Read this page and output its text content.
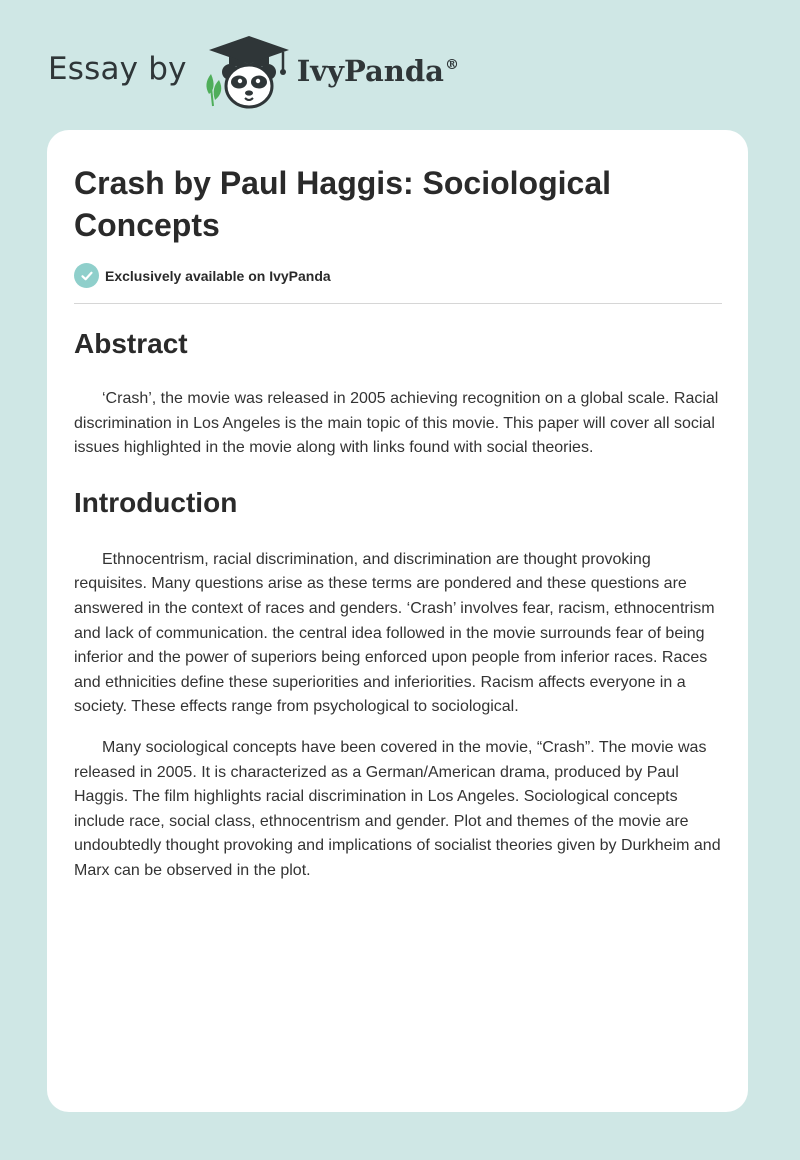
Essay by	IvyPanda®
Crash by Paul Haggis: Sociological Concepts
Exclusively available on IvyPanda
Abstract

‘Crash’, the movie was released in 2005 achieving recognition on a global scale. Racial discrimination in Los Angeles is the main topic of this movie. This paper will cover all social issues highlighted in the movie along with links found with social theories.

Introduction

Ethnocentrism, racial discrimination, and discrimination are thought provoking requisites. Many questions arise as these terms are pondered and these questions are answered in the context of races and genders. ‘Crash’ involves fear, racism, ethnocentrism and lack of communication. the central idea followed in the movie surrounds fear of being inferior and the power of superiors being enforced upon people from inferior races. Races and ethnicities define these superiorities and inferiorities. Racism affects everyone in a society. These effects range from psychological to sociological.

Many sociological concepts have been covered in the movie, “Crash”. The movie was released in 2005. It is characterized as a German/American drama, produced by Paul Haggis. The film highlights racial discrimination in Los Angeles. Sociological concepts include race, social class, ethnocentrism and gender. Plot and themes of the movie are undoubtedly thought provoking and implications of socialist theories given by Durkheim and Marx can be observed in the plot.
